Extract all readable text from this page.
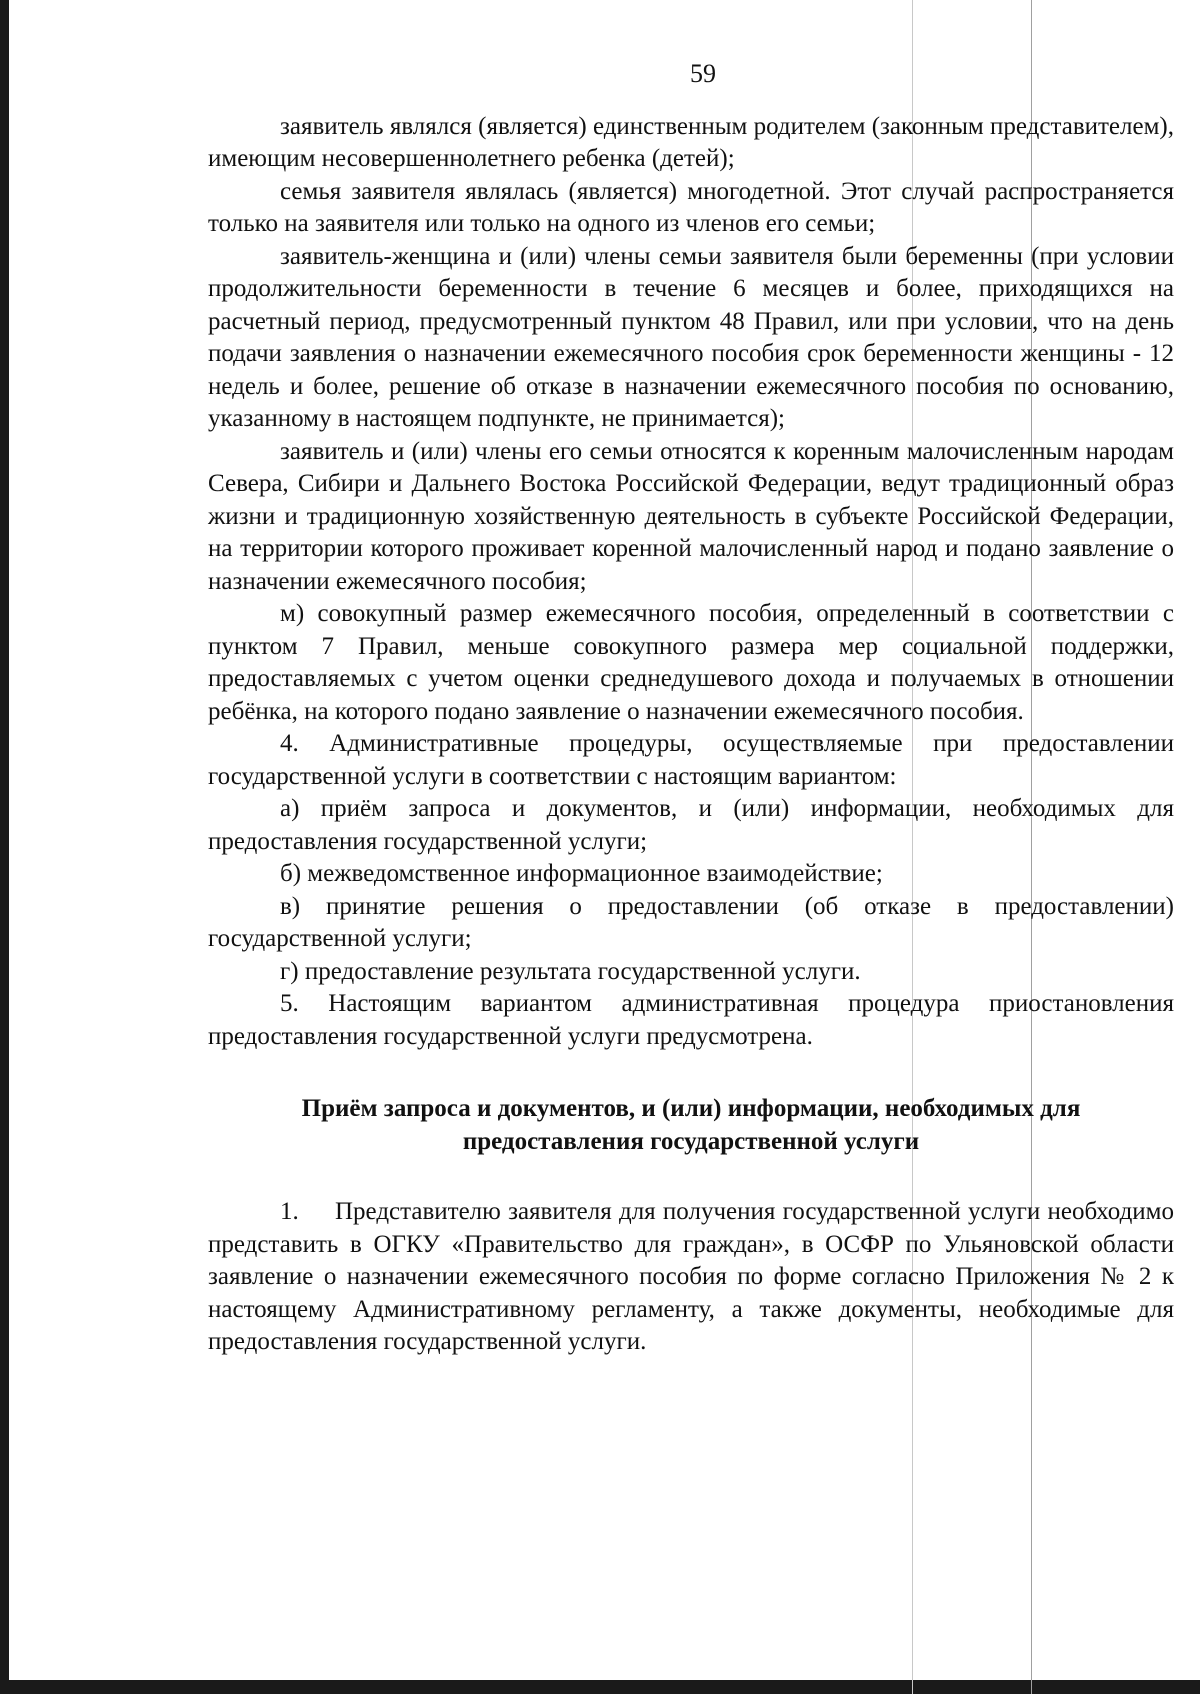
59

заявитель являлся (является) единственным родителем (законным представителем), имеющим несовершеннолетнего ребенка (детей);

семья заявителя являлась (является) многодетной. Этот случай распространяется только на заявителя или только на одного из членов его семьи;

заявитель-женщина и (или) члены семьи заявителя были беременны (при условии продолжительности беременности в течение 6 месяцев и более, приходящихся на расчетный период, предусмотренный пунктом 48 Правил, или при условии, что на день подачи заявления о назначении ежемесячного пособия срок беременности женщины - 12 недель и более, решение об отказе в назначении ежемесячного пособия по основанию, указанному в настоящем подпункте, не принимается);

заявитель и (или) члены его семьи относятся к коренным малочисленным народам Севера, Сибири и Дальнего Востока Российской Федерации, ведут традиционный образ жизни и традиционную хозяйственную деятельность в субъекте Российской Федерации, на территории которого проживает коренной малочисленный народ и подано заявление о назначении ежемесячного пособия;

м) совокупный размер ежемесячного пособия, определенный в соответствии с пунктом 7 Правил, меньше совокупного размера мер социальной поддержки, предоставляемых с учетом оценки среднедушевого дохода и получаемых в отношении ребёнка, на которого подано заявление о назначении ежемесячного пособия.

4. Административные процедуры, осуществляемые при предоставлении государственной услуги в соответствии с настоящим вариантом:

а) приём запроса и документов, и (или) информации, необходимых для предоставления государственной услуги;

б) межведомственное информационное взаимодействие;

в) принятие решения о предоставлении (об отказе в предоставлении) государственной услуги;

г) предоставление результата государственной услуги.

5. Настоящим вариантом административная процедура приостановления предоставления государственной услуги предусмотрена.

Приём запроса и документов, и (или) информации, необходимых для
предоставления государственной услуги

1.     Представителю заявителя для получения государственной услуги необходимо представить в ОГКУ «Правительство для граждан», в ОСФР по Ульяновской области заявление о назначении ежемесячного пособия по форме согласно Приложения № 2 к настоящему Административному регламенту, а также документы, необходимые для предоставления государственной услуги.
